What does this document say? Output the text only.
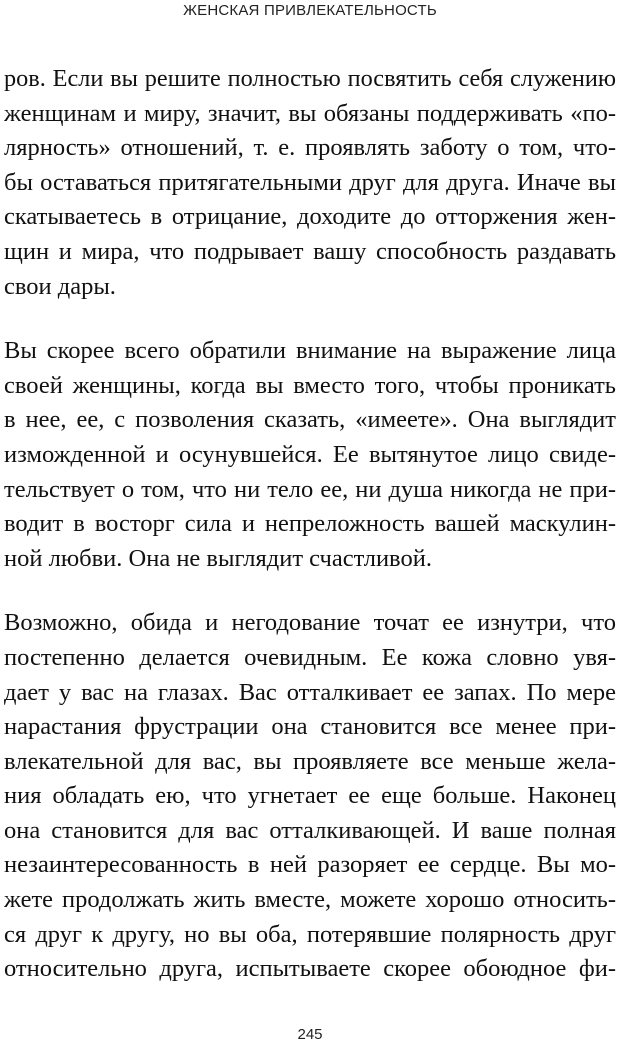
ЖЕНСКАЯ ПРИВЛЕКАТЕЛЬНОСТЬ
ров. Если вы решите полностью посвятить себя служению
женщинам и миру, значит, вы обязаны поддерживать «по-
лярность» отношений, т. е. проявлять заботу о том, что-
бы оставаться притягательными друг для друга. Иначе вы
скатываетесь в отрицание, доходите до отторжения жен-
щин и мира, что подрывает вашу способность раздавать
свои дары.
Вы скорее всего обратили внимание на выражение лица
своей женщины, когда вы вместо того, чтобы проникать
в нее, ее, с позволения сказать, «имеете». Она выглядит
изможденной и осунувшейся. Ее вытянутое лицо свиде-
тельствует о том, что ни тело ее, ни душа никогда не при-
водит в восторг сила и непреложность вашей маскулин-
ной любви. Она не выглядит счастливой.
Возможно, обида и негодование точат ее изнутри, что
постепенно делается очевидным. Ее кожа словно увя-
дает у вас на глазах. Вас отталкивает ее запах. По мере
нарастания фрустрации она становится все менее при-
влекательной для вас, вы проявляете все меньше жела-
ния обладать ею, что угнетает ее еще больше. Наконец
она становится для вас отталкивающей. И ваше полная
незаинтересованность в ней разоряет ее сердце. Вы мо-
жете продолжать жить вместе, можете хорошо относить-
ся друг к другу, но вы оба, потерявшие полярность друг
относительно друга, испытываете скорее обоюдное фи-
245
